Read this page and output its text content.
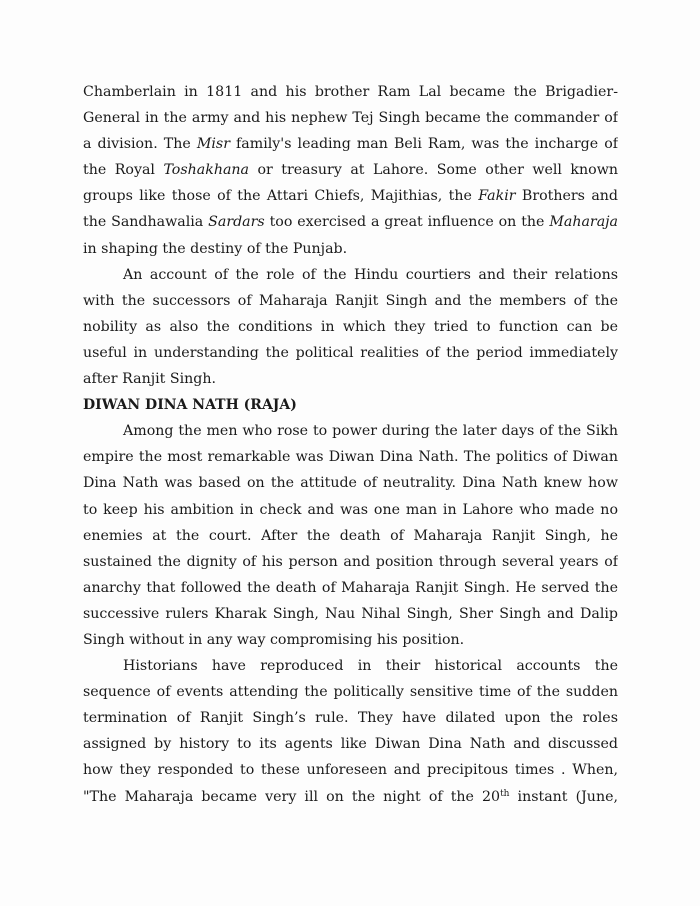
Chamberlain in 1811 and his brother Ram Lal became the Brigadier-
General in the army and his nephew Tej Singh became the commander of
a division. The Misr family's leading man Beli Ram, was the incharge of
the Royal Toshakhana or treasury at Lahore. Some other well known
groups like those of the Attari Chiefs, Majithias, the Fakir Brothers and
the Sandhawalia Sardars too exercised a great influence on the Maharaja
in shaping the destiny of the Punjab.
An account of the role of the Hindu courtiers and their relations
with the successors of Maharaja Ranjit Singh and the members of the
nobility as also the conditions in which they tried to function can be
useful in understanding the political realities of the period immediately
after Ranjit Singh.
DIWAN DINA NATH (RAJA)
Among the men who rose to power during the later days of the Sikh
empire the most remarkable was Diwan Dina Nath. The politics of Diwan
Dina Nath was based on the attitude of neutrality. Dina Nath knew how
to keep his ambition in check and was one man in Lahore who made no
enemies at the court. After the death of Maharaja Ranjit Singh, he
sustained the dignity of his person and position through several years of
anarchy that followed the death of Maharaja Ranjit Singh. He served the
successive rulers Kharak Singh, Nau Nihal Singh, Sher Singh and Dalip
Singh without in any way compromising his position.
Historians have reproduced in their historical accounts the
sequence of events attending the politically sensitive time of the sudden
termination of Ranjit Singh’s rule. They have dilated upon the roles
assigned by history to its agents like Diwan Dina Nath and discussed
how they responded to these unforeseen and precipitous times . When,
"The Maharaja became very ill on the night of the 20th instant (June,
